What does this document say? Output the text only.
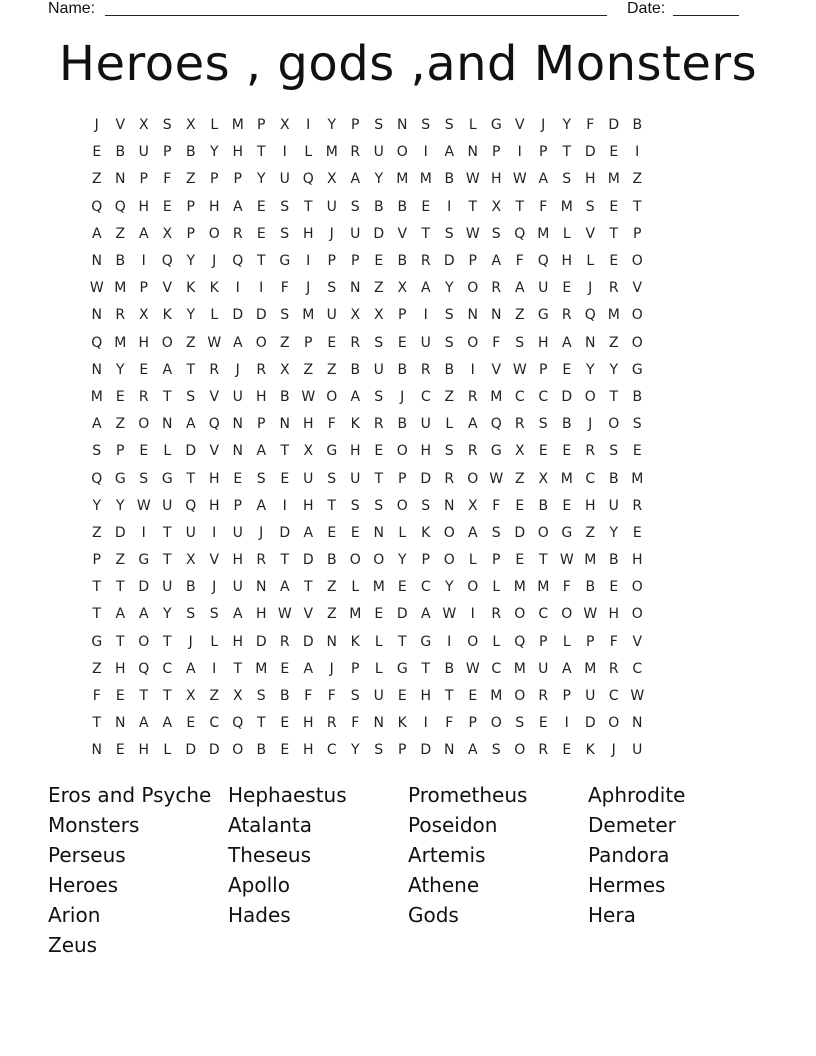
Name:

	Date:

Heroes , gods ,and Monsters
J	V X	S	X	L M P	X	I	Y	P	S N S	S	L	G V	J	Y	F	D B
E	B U	P	B	Y H T	I	L M R U O	I	A N	P	I	P	T D E	I
Z N	P	F	Z	P	P	Y	U Q X A	Y M M B W H W A	S H M Z
Q Q H E	P	H A	E	S	T	U S	B B	E	I	T	X	T	F M S	E	T
A Z A X	P O R	E	S H	J	U D V	T	S W S Q M L	V	T	P
N B	I	Q Y	J	Q T G	I	P	P	E	B R D P	A	F Q H	L	E O
W M P	V	K	K	I	I	F	J	S N Z X A	Y O R A U E	J	R V
N R X	K	Y	L	D D S M U X X	P	I	S N N Z G R Q M O
Q M H O Z W A O Z	P	E	R	S	E U S O F	S H A N Z O
N Y	E	A	T	R	J	R X Z Z B U B R B	I	V W P	E	Y	Y G
M E	R	T	S	V U H B W O A	S	J	C Z R M C C D O T	B
A Z O N A Q N	P	N H	F	K	R B U	L	A Q R	S	B	J	O S
S	P	E	L	D V N A	T	X G H E O H S	R G X	E	E	R	S	E
Q G S G T H E	S	E U S U	T	P D R O W Z X M C B M
Y	Y W U Q H	P	A	I	H T	S	S O S N X	F	E	B	E H U R
Z D	I	T	U	I	U	J	D A	E	E N	L	K O A	S D O G Z	Y	E
P	Z G T	X V H R	T D B O O Y	P O	L	P	E	T W M B H
T	T D U B	J	U N A	T	Z	L M E	C	Y O	L M M F	B	E O
T	A A	Y	S	S	A H W V Z M E D A W	I	R O C O W H O
G T O T	J	L	H D R D N K	L	T G	I	O	L	Q P	L	P	F	V
Z H Q C A	I	T M E	A	J	P	L	G T	B W C M U A M R C
F	E	T	T	X Z X	S	B	F	F	S U E H T	E M O R	P	U C W
T N A A	E	C Q T	E H R	F	N K	I	F	P O S	E	I	D O N
N E H	L	D D O B	E H C	Y	S	P D N A	S O R	E	K	J	U
Eros and Psyche Hephaestus	Prometheus	Aphrodite
Monsters	Atalanta	Poseidon	Demeter
Perseus	Theseus	Artemis	Pandora
Heroes	Apollo	Athene	Hermes
Arion	Hades	Gods	Hera
Zeus
